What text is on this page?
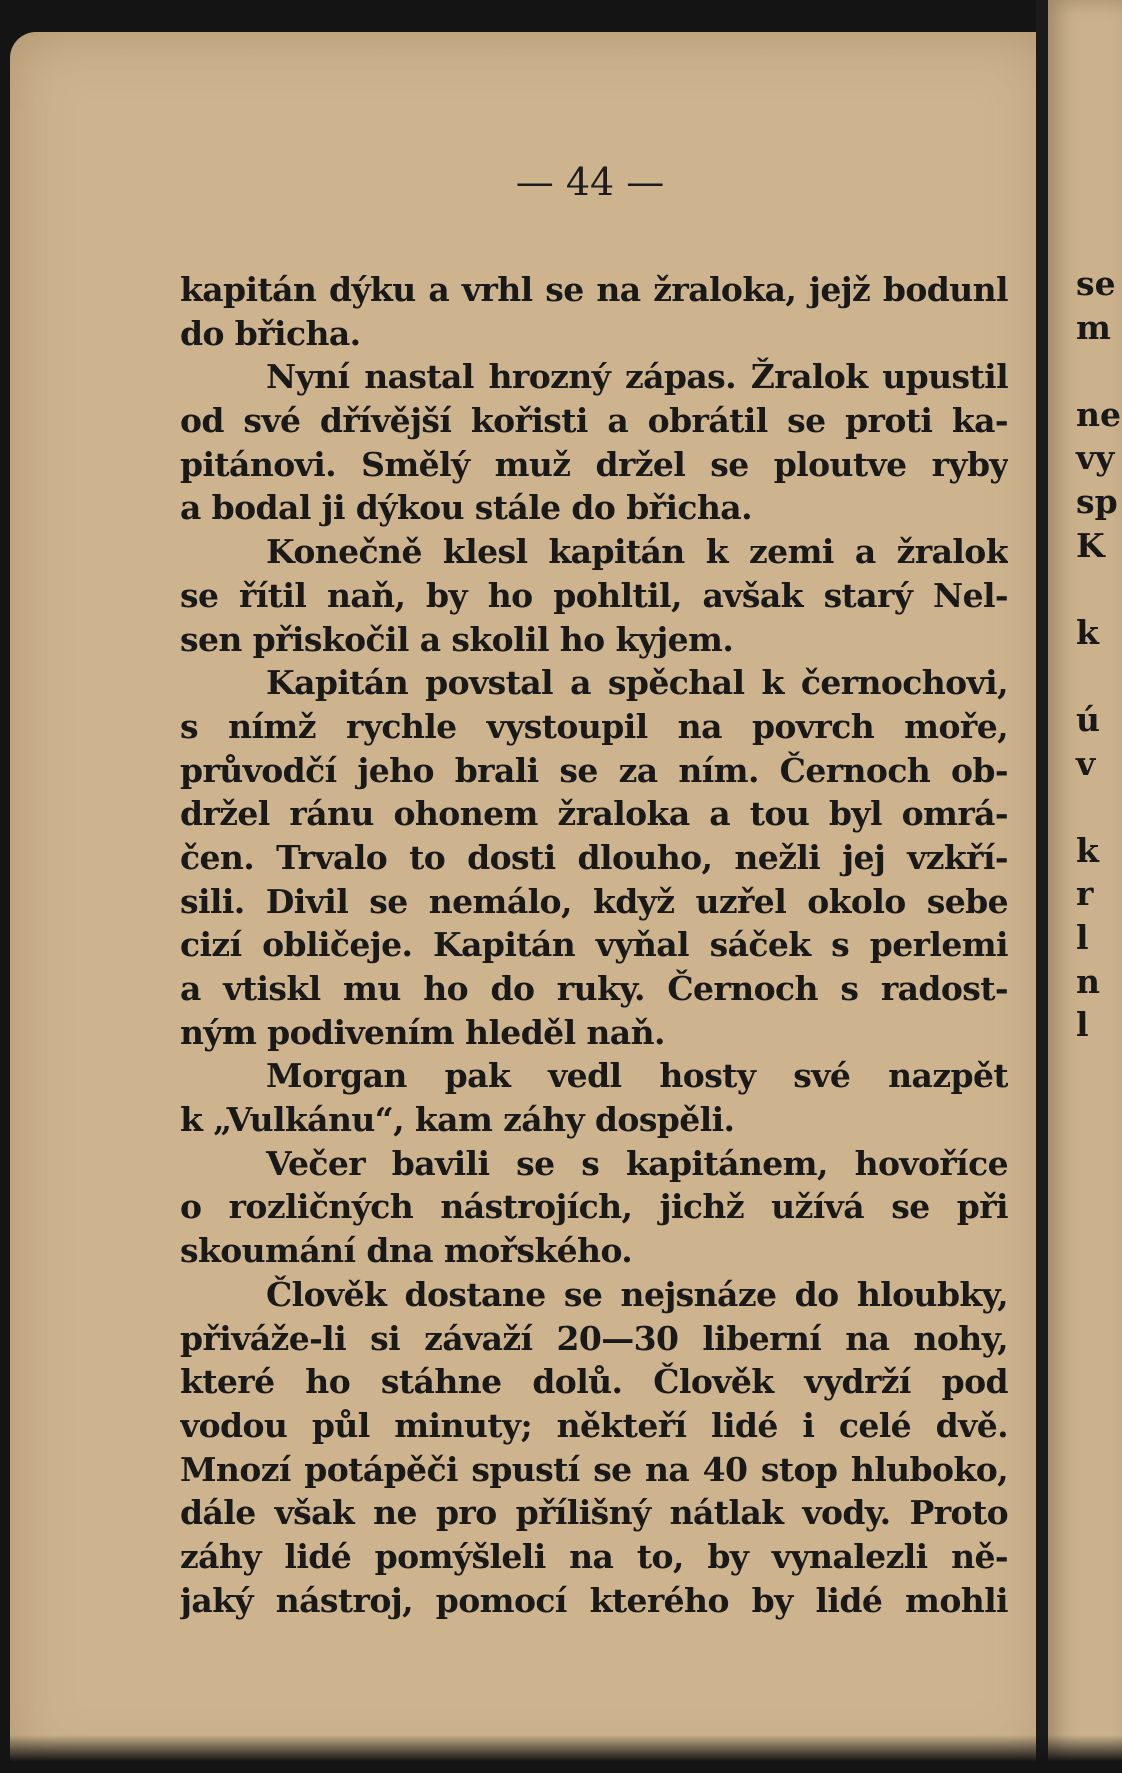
— 44 —
kapitán dýku a vrhl se na žraloka, jejž bodunl
do břicha.
Nyní nastal hrozný zápas. Žralok upustil
od své dřívější kořisti a obrátil se proti ka-
pitánovi. Smělý muž držel se ploutve ryby
a bodal ji dýkou stále do břicha.
Konečně klesl kapitán k zemi a žralok
se řítil naň, by ho pohltil, avšak starý Nel-
sen přiskočil a skolil ho kyjem.
Kapitán povstal a spěchal k černochovi,
s nímž rychle vystoupil na povrch moře,
průvodčí jeho brali se za ním. Černoch ob-
držel ránu ohonem žraloka a tou byl omrá-
čen. Trvalo to dosti dlouho, nežli jej vzkří-
sili. Divil se nemálo, když uzřel okolo sebe
cizí obličeje. Kapitán vyňal sáček s perlemi
a vtiskl mu ho do ruky. Černoch s radost-
ným podivením hleděl naň.
Morgan pak vedl hosty své nazpět
k „Vulkánu“, kam záhy dospěli.
Večer bavili se s kapitánem, hovoříce
o rozličných nástrojích, jichž užívá se při
skoumání dna mořského.
Člověk dostane se nejsnáze do hloubky,
přiváže-li si závaží 20—30 liberní na nohy,
které ho stáhne dolů. Člověk vydrží pod
vodou půl minuty; někteří lidé i celé dvě.
Mnozí potápěči spustí se na 40 stop hluboko,
dále však ne pro přílišný nátlak vody. Proto
záhy lidé pomýšleli na to, by vynalezli ně-
jaký nástroj, pomocí kterého by lidé mohli
se
m
ne
vy
sp
K
k
ú
v
k
r
l
n
l
